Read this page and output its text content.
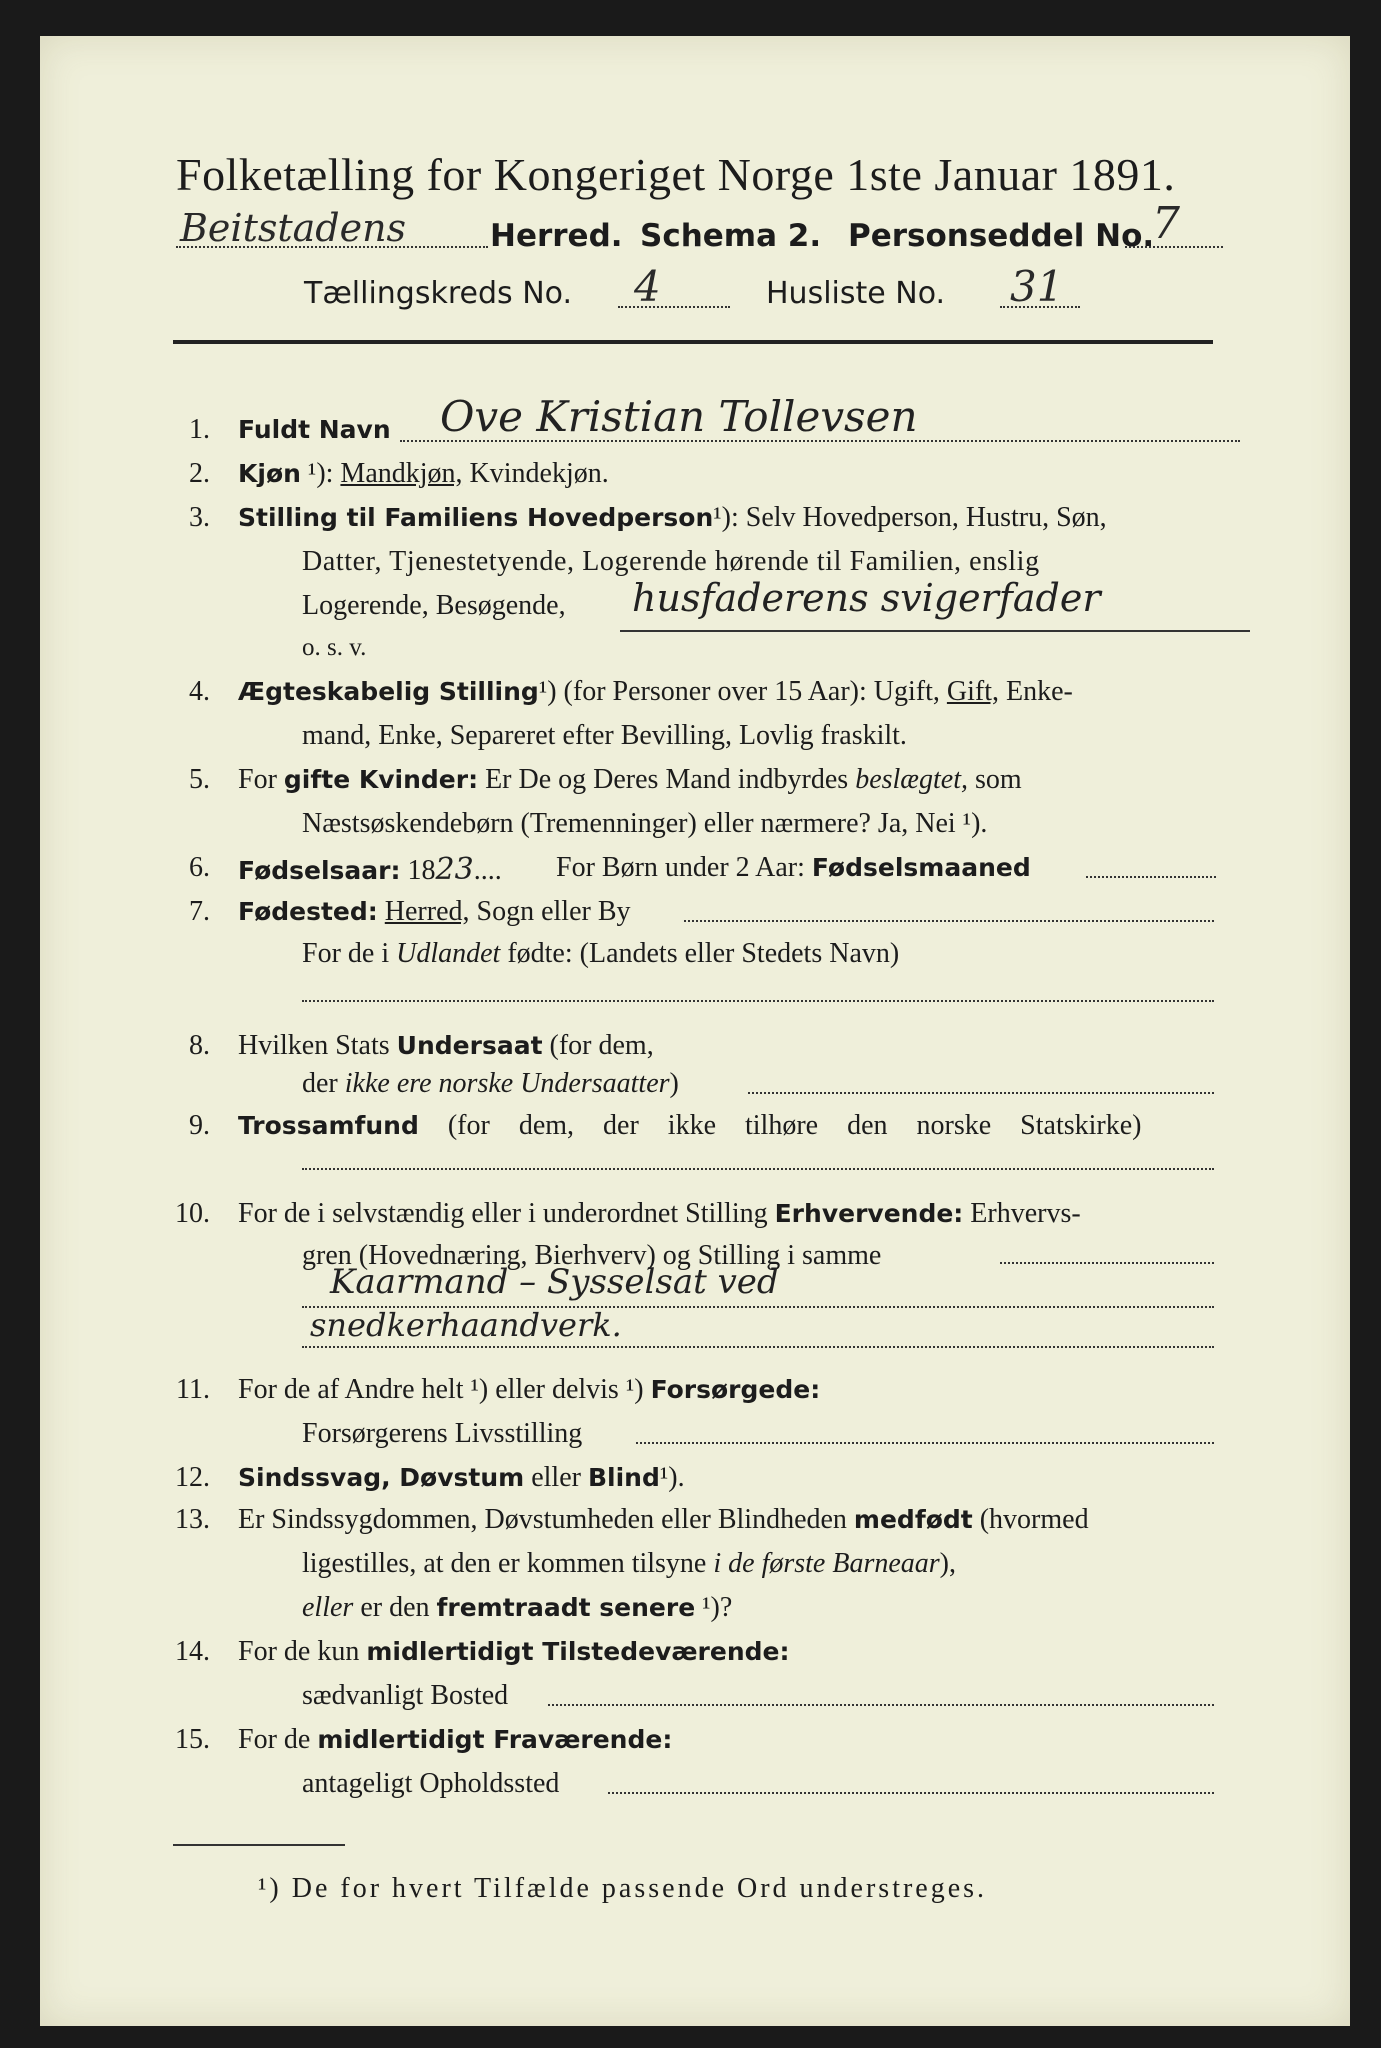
Folketælling for Kongeriget Norge 1ste Januar 1891.
Beitstadens	Herred. Schema 2. Personseddel No.
7
Tællingskreds No. 4	Husliste No. 31
1. Fuldt Navn Ove Kristian Tollevsen
2. Kjøn ¹): Mandkjøn, Kvindekjøn.
3. Stilling til Familiens Hovedperson¹): Selv Hovedperson, Hustru, Søn,
Datter, Tjenestetyende, Logerende hørende til Familien, enslig
Logerende, Besøgende, husfaderens svigerfader
o. s. v.
4. Ægteskabelig Stilling¹) (for Personer over 15 Aar): Ugift, Gift, Enke-
mand, Enke, Separeret efter Bevilling, Lovlig fraskilt.
5. For gifte Kvinder: Er De og Deres Mand indbyrdes beslægtet, som
Næstsøskendebørn (Tremenninger) eller nærmere? Ja, Nei ¹).
6. Fødselsaar: 1823.... For Børn under 2 Aar: Fødselsmaaned
7. Fødested: Herred, Sogn eller By
For de i Udlandet fødte: (Landets eller Stedets Navn)
8. Hvilken Stats Undersaat (for dem,
der ikke ere norske Undersaatter)
9. Trossamfund (for dem, der ikke tilhøre den norske Statskirke)
10. For de i selvstændig eller i underordnet Stilling Erhvervende: Erhvervs-
gren (Hovednæring, Bierhverv) og Stilling i samme
Kaarmand – Sysselsat ved
snedkerhaandverk.
11. For de af Andre helt ¹) eller delvis ¹) Forsørgede:
Forsørgerens Livsstilling
12. Sindssvag, Døvstum eller Blind¹).
13. Er Sindssygdommen, Døvstumheden eller Blindheden medfødt (hvormed
ligestilles, at den er kommen tilsyne i de første Barneaar),
eller er den fremtraadt senere ¹)?
14. For de kun midlertidigt Tilstedeværende:
sædvanligt Bosted
15. For de midlertidigt Fraværende:
antageligt Opholdssted
¹) De for hvert Tilfælde passende Ord understreges.
